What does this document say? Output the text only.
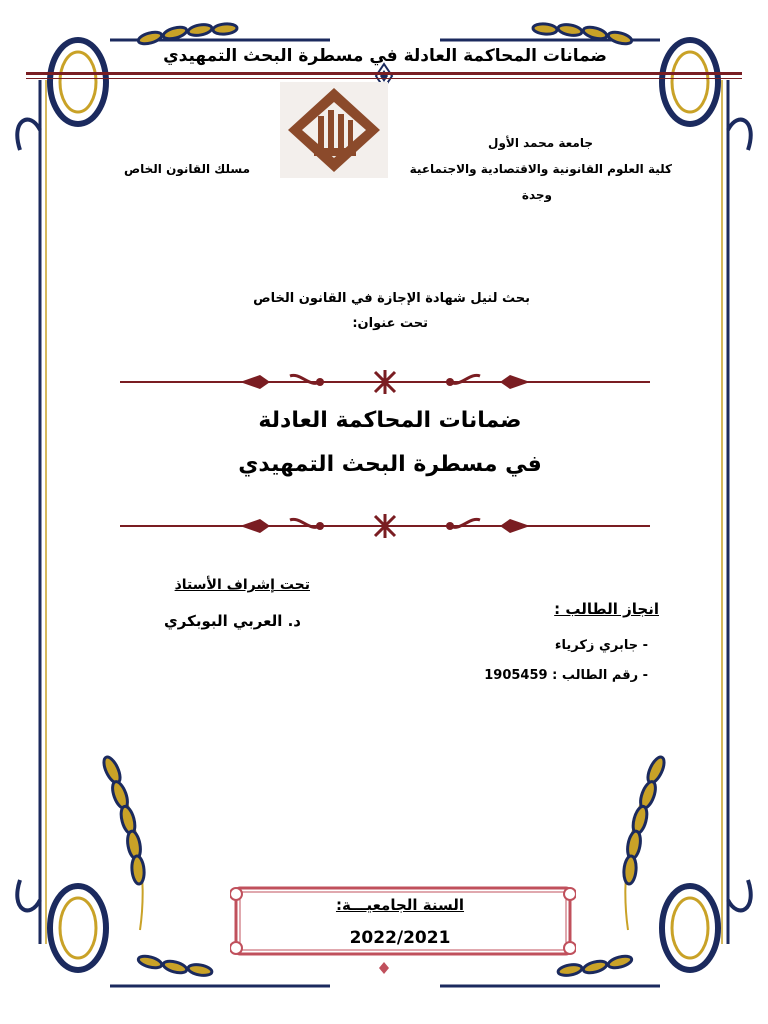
ضمانات المحاكمة العادلة في مسطرة البحث التمهيدي
جامعة محمد الأول
كلية العلوم القانونية والاقتصادية والاجتماعية
وجدة
مسلك القانون الخاص
بحث لنيل شهادة الإجازة في القانون الخاص
تحت عنوان:
ضمانات المحاكمة العادلة
في مسطرة البحث التمهيدي
تحت إشراف الأستاذ
د. العربي البوبكري
انجاز الطالب :
- جابري زكرياء
- رقم الطالب : 1905459
السنة الجامعيـــة:
2022/2021
